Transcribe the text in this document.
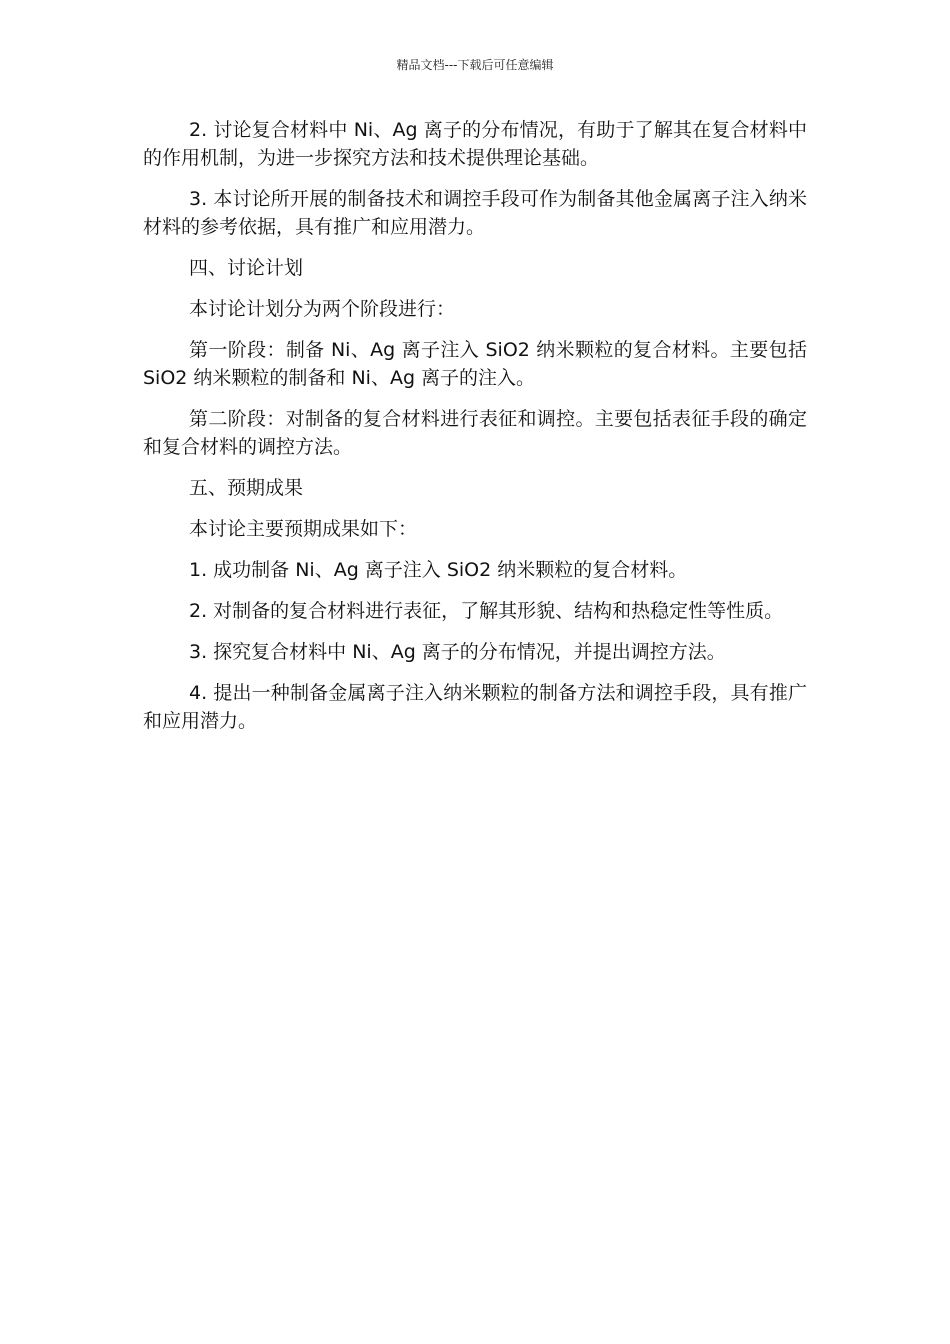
精品文档---下载后可任意编辑

2. 讨论复合材料中 Ni、Ag 离子的分布情况，有助于了解其在复合材料中的作用机制，为进一步探究方法和技术提供理论基础。

3. 本讨论所开展的制备技术和调控手段可作为制备其他金属离子注入纳米材料的参考依据，具有推广和应用潜力。

四、讨论计划

本讨论计划分为两个阶段进行：

第一阶段：制备 Ni、Ag 离子注入 SiO2 纳米颗粒的复合材料。主要包括 SiO2 纳米颗粒的制备和 Ni、Ag 离子的注入。

第二阶段：对制备的复合材料进行表征和调控。主要包括表征手段的确定和复合材料的调控方法。

五、预期成果

本讨论主要预期成果如下：

1. 成功制备 Ni、Ag 离子注入 SiO2 纳米颗粒的复合材料。

2. 对制备的复合材料进行表征，了解其形貌、结构和热稳定性等性质。

3. 探究复合材料中 Ni、Ag 离子的分布情况，并提出调控方法。

4. 提出一种制备金属离子注入纳米颗粒的制备方法和调控手段，具有推广和应用潜力。
